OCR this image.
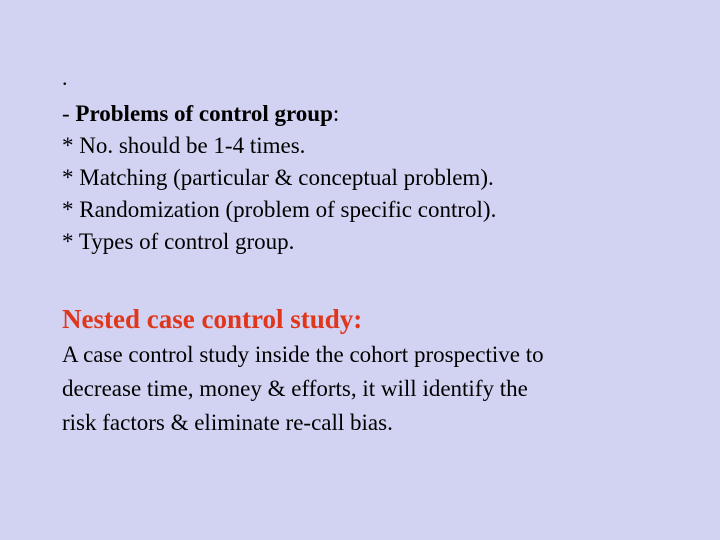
.
- Problems of control group:
* No. should be 1-4 times.
* Matching (particular & conceptual problem).
* Randomization (problem of specific control).
* Types of control group.
Nested case control study:

A case control study inside the cohort prospective to
decrease time, money & efforts, it will identify the
risk factors & eliminate re-call bias.
